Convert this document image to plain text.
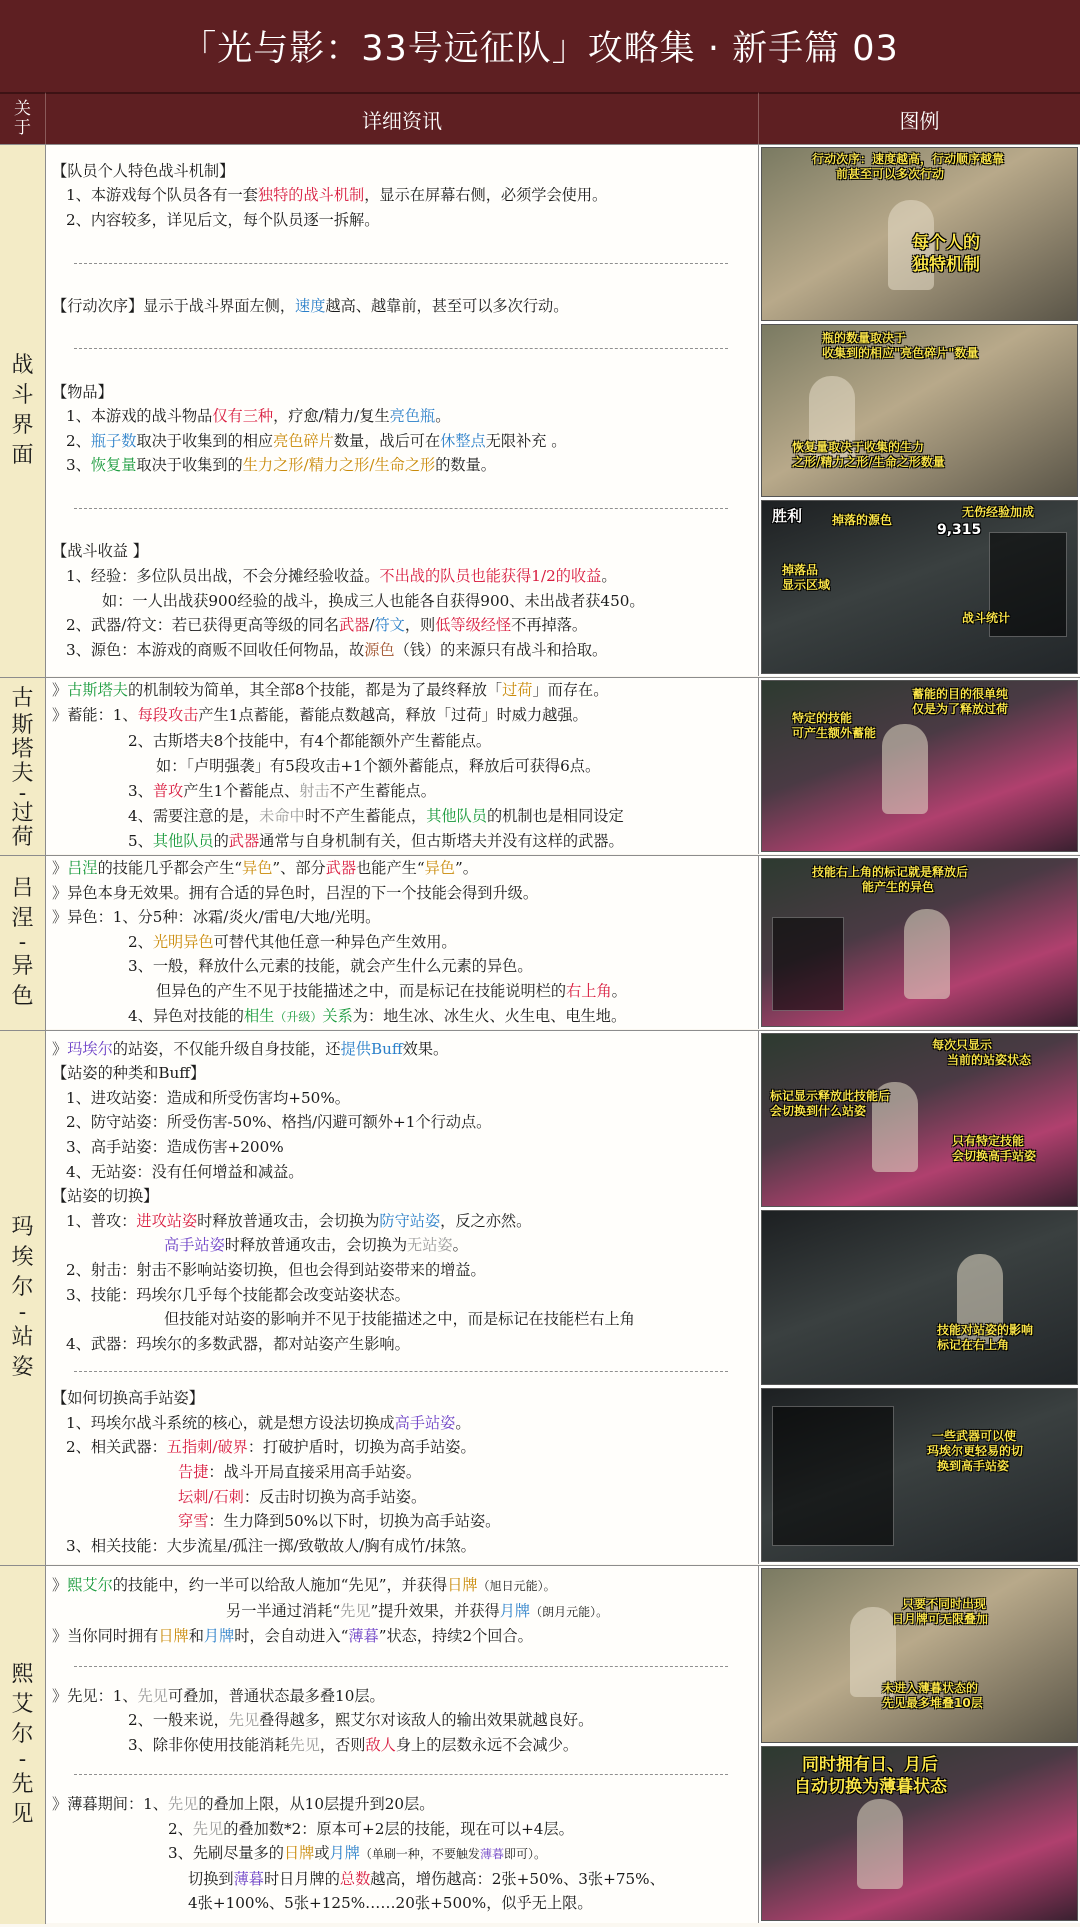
「光与影：33号远征队」攻略集 · 新手篇 03
关
于	详细资讯	图例
战
斗
界
面
【队员个人特色战斗机制】
1、本游戏每个队员各有一套独特的战斗机制，显示在屏幕右侧，必须学会使用。
2、内容较多，详见后文，每个队员逐一拆解。
【行动次序】显示于战斗界面左侧，速度越高、越靠前，甚至可以多次行动。
【物品】
1、本游戏的战斗物品仅有三种，疗愈/精力/复生亮色瓶。
2、瓶子数取决于收集到的相应亮色碎片数量，战后可在休整点无限补充 。
3、恢复量取决于收集到的生力之形/精力之形/生命之形的数量。
【战斗收益 】
1、经验：多位队员出战，不会分摊经验收益。不出战的队员也能获得1/2的收益。
如：一人出战获900经验的战斗，换成三人也能各自获得900、未出战者获450。
2、武器/符文：若已获得更高等级的同名武器/符文，则低等级经怪不再掉落。
3、源色：本游戏的商贩不回收任何物品，故源色（钱）的来源只有战斗和拾取。
行动次序：速度越高，行动顺序越靠
前甚至可以多次行动
每个人的
独特机制
瓶的数量取决于
收集到的相应"亮色碎片"数量
恢复量取决于收集的生力
之形/精力之形/生命之形数量
胜利 掉落的源色
无伤经验加成
9,315
掉落品
显示区域
战斗统计
古
斯
塔
夫
-
过
荷
》古斯塔夫的机制较为简单，其全部8个技能，都是为了最终释放「过荷」而存在。
》蓄能：1、每段攻击产生1点蓄能，蓄能点数越高，释放「过荷」时威力越强。
2、古斯塔夫8个技能中，有4个都能额外产生蓄能点。
如：「卢明强袭」有5段攻击+1个额外蓄能点，释放后可获得6点。
3、普攻产生1个蓄能点、射击不产生蓄能点。
4、需要注意的是，未命中时不产生蓄能点，其他队员的机制也是相同设定
5、其他队员的武器通常与自身机制有关，但古斯塔夫并没有这样的武器。
蓄能的目的很单纯
仅是为了释放过荷
特定的技能
可产生额外蓄能
吕
涅
-
异
色
》吕涅的技能几乎都会产生“异色”、部分武器也能产生“异色”。
》异色本身无效果。拥有合适的异色时，吕涅的下一个技能会得到升级。
》异色：1、分5种：冰霜/炎火/雷电/大地/光明。
2、光明异色可替代其他任意一种异色产生效用。
3、一般，释放什么元素的技能，就会产生什么元素的异色。
但异色的产生不见于技能描述之中，而是标记在技能说明栏的右上角。
4、异色对技能的相生（升级）关系为：地生冰、冰生火、火生电、电生地。
技能右上角的标记就是释放后
能产生的异色
玛
埃
尔
-
站
姿
》玛埃尔的站姿，不仅能升级自身技能，还提供Buff效果。
【站姿的种类和Buff】
1、进攻站姿：造成和所受伤害均+50%。
2、防守站姿：所受伤害-50%、格挡/闪避可额外+1个行动点。
3、高手站姿：造成伤害+200%
4、无站姿：没有任何增益和减益。
【站姿的切换】
1、普攻：进攻站姿时释放普通攻击，会切换为防守站姿，反之亦然。
高手站姿时释放普通攻击，会切换为无站姿。
2、射击：射击不影响站姿切换，但也会得到站姿带来的增益。
3、技能：玛埃尔几乎每个技能都会改变站姿状态。
但技能对站姿的影响并不见于技能描述之中，而是标记在技能栏右上角
4、武器：玛埃尔的多数武器，都对站姿产生影响。
【如何切换高手站姿】
1、玛埃尔战斗系统的核心，就是想方设法切换成高手站姿。
2、相关武器：五指刺/破界：打破护盾时，切换为高手站姿。
告捷：战斗开局直接采用高手站姿。
坛刺/石刺：反击时切换为高手站姿。
穿雪：生力降到50%以下时，切换为高手站姿。
3、相关技能：大步流星/孤注一掷/致敬故人/胸有成竹/抹煞。
每次只显示
当前的站姿状态
标记显示释放此技能后
会切换到什么站姿
只有特定技能
会切换高手站姿
技能对站姿的影响
标记在右上角
一些武器可以使
玛埃尔更轻易的切
换到高手站姿
熙
艾
尔
-
先
见
》熙艾尔的技能中，约一半可以给敌人施加“先见”，并获得日牌（旭日元能）。
另一半通过消耗“先见”提升效果，并获得月牌（朗月元能）。
》当你同时拥有日牌和月牌时，会自动进入“薄暮”状态，持续2个回合。
》先见：1、先见可叠加，普通状态最多叠10层。
2、一般来说，先见叠得越多，熙艾尔对该敌人的输出效果就越良好。
3、除非你使用技能消耗先见，否则敌人身上的层数永远不会减少。
》薄暮期间：1、先见的叠加上限，从10层提升到20层。
2、先见的叠加数*2：原本可+2层的技能，现在可以+4层。
3、先刷尽量多的日牌或月牌（单刷一种，不要触发薄暮即可）。
切换到薄暮时日月牌的总数越高，增伤越高：2张+50%、3张+75%、
4张+100%、5张+125%……20张+500%，似乎无上限。
只要不同时出现
日月牌可无限叠加
未进入薄暮状态的
先见最多堆叠10层
同时拥有日、月后
自动切换为薄暮状态
